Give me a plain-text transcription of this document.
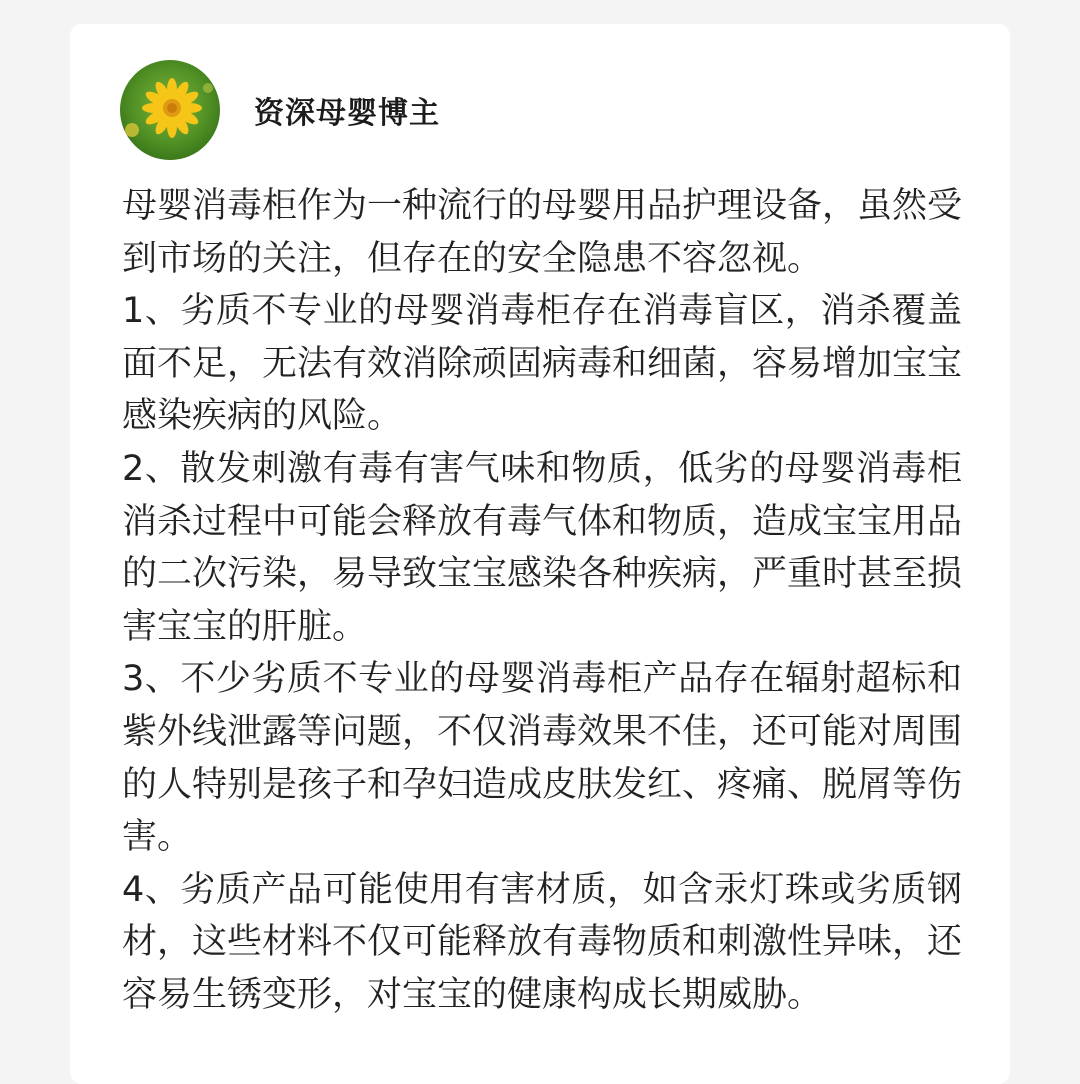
资深母婴博主

母婴消毒柜作为一种流行的母婴用品护理设备，虽然受到市场的关注，但存在的安全隐患不容忽视。

1、劣质不专业的母婴消毒柜存在消毒盲区，消杀覆盖面不足，无法有效消除顽固病毒和细菌，容易增加宝宝感染疾病的风险。

2、散发刺激有毒有害气味和物质，低劣的母婴消毒柜消杀过程中可能会释放有毒气体和物质，造成宝宝用品的二次污染，易导致宝宝感染各种疾病，严重时甚至损害宝宝的肝脏。

3、不少劣质不专业的母婴消毒柜产品存在辐射超标和紫外线泄露等问题，不仅消毒效果不佳，还可能对周围的人特别是孩子和孕妇造成皮肤发红、疼痛、脱屑等伤害。

4、劣质产品可能使用有害材质，如含汞灯珠或劣质钢材，这些材料不仅可能释放有毒物质和刺激性异味，还容易生锈变形，对宝宝的健康构成长期威胁。
